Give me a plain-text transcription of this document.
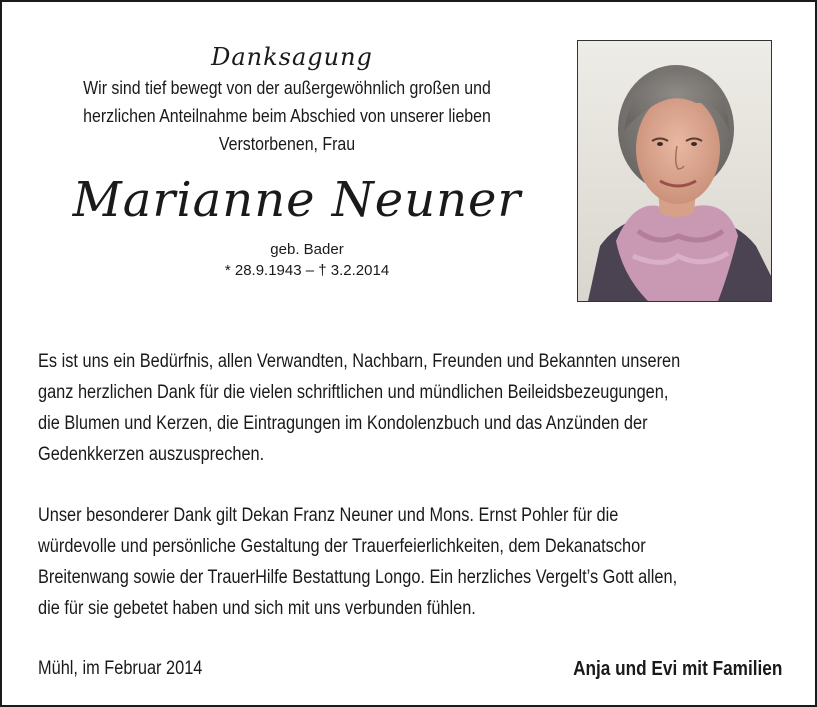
Danksagung
Wir sind tief bewegt von der außergewöhnlich großen und
herzlichen Anteilnahme beim Abschied von unserer lieben
Verstorbenen, Frau
Marianne Neuner
geb. Bader
* 28.9.1943 – † 3.2.2014

Es ist uns ein Bedürfnis, allen Verwandten, Nachbarn, Freunden und Bekannten unseren
ganz herzlichen Dank für die vielen schriftlichen und mündlichen Beileidsbezeugungen,
die Blumen und Kerzen, die Eintragungen im Kondolenzbuch und das Anzünden der
Gedenkkerzen auszusprechen.

Unser besonderer Dank gilt Dekan Franz Neuner und Mons. Ernst Pohler für die
würdevolle und persönliche Gestaltung der Trauerfeierlichkeiten, dem Dekanatschor
Breitenwang sowie der TrauerHilfe Bestattung Longo. Ein herzliches Vergelt’s Gott allen,
die für sie gebetet haben und sich mit uns verbunden fühlen.

Mühl, im Februar 2014	Anja und Evi mit Familien
